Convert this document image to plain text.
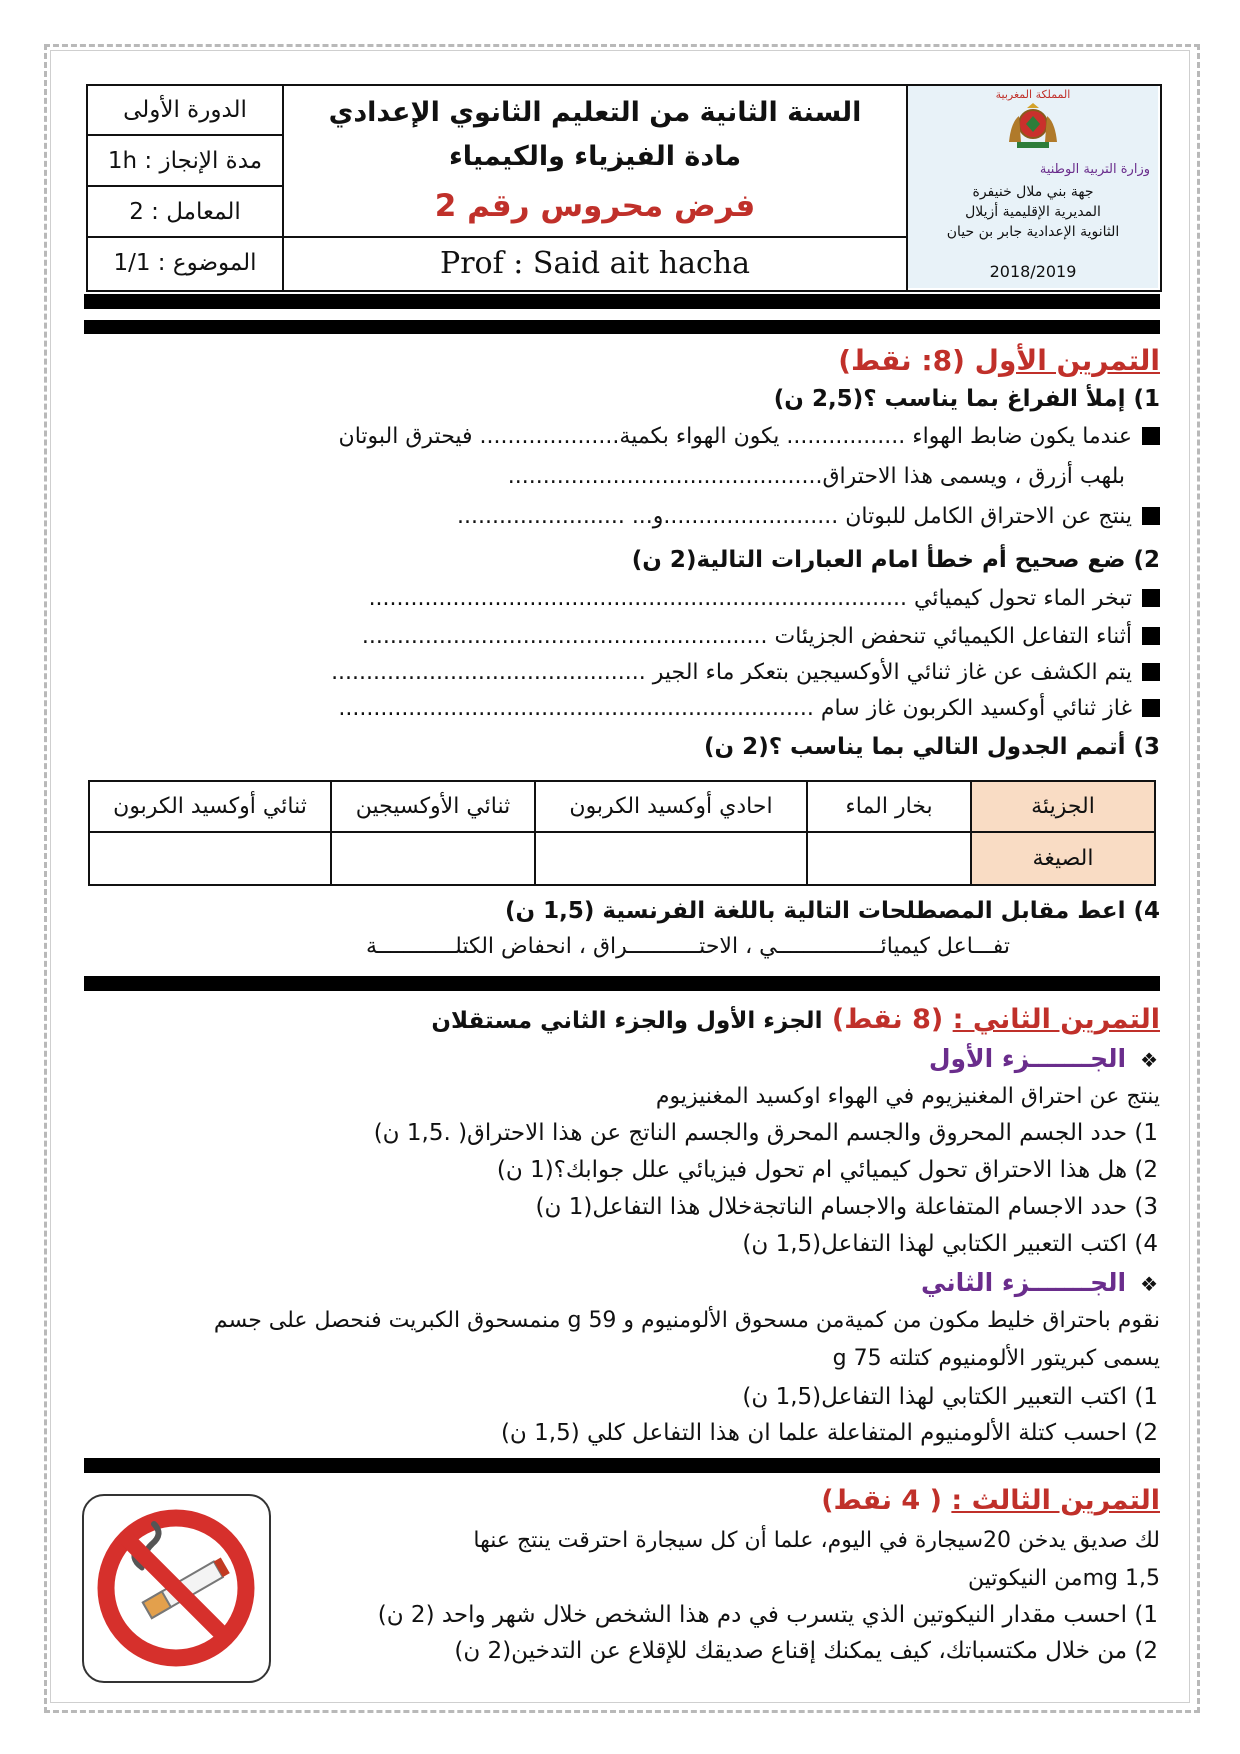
الدورة الأولى
مدة الإنجاز : 1h
المعامل : 2
الموضوع : 1/1
السنة الثانية من التعليم الثانوي الإعدادي
مادة الفيزياء والكيمياء
فرض محروس رقم 2
Prof : Said ait hacha
المملكة المغربية
وزارة التربية الوطنية
جهة بني ملال خنيفرة
المديرية الإقليمية أزيلال
الثانوية الإعدادية جابر بن حيان
2018/2019
التمرين الأول (8: نقط)
1) إملأ الفراغ بما يناسب ؟(2,5 ن)
عندما يكون ضابط الهواء ................. يكون الهواء بكمية.................... فيحترق البوتان
بلهب أزرق ، ويسمى هذا الاحتراق.............................................
ينتج عن الاحتراق الكامل للبوتان .........................و... ........................
2) ضع صحيح أم خطأ امام العبارات التالية(2 ن)
تبخر الماء تحول كيميائي .............................................................................
أثناء التفاعل الكيميائي تنحفض الجزيئات ..........................................................
يتم الكشف عن غاز ثنائي الأوكسيجين بتعكر ماء الجير .............................................
غاز ثنائي أوكسيد الكربون غاز سام ....................................................................
3) أتمم الجدول التالي بما يناسب ؟(2 ن)
الجزيئة
بخار الماء
احادي أوكسيد الكربون
ثنائي الأوكسيجين
ثنائي أوكسيد الكربون
الصيغة
4) اعط مقابل المصطلحات التالية باللغة الفرنسية (1,5 ن)
تفـــاعل كيميائــــــــــــــــي ، الاحتـــــــــــراق ، انحفاض الكتلــــــــــــة
التمرين الثاني : (8 نقط) الجزء الأول والجزء الثاني مستقلان
❖الجـــــــزء الأول
ينتج عن احتراق المغنيزيوم في الهواء اوكسيد المغنيزيوم
1) حدد الجسم المحروق والجسم المحرق والجسم الناتج عن هذا الاحتراق( .1,5 ن)
2) هل هذا الاحتراق تحول كيميائي ام تحول فيزيائي علل جوابك؟(1 ن)
3) حدد الاجسام المتفاعلة والاجسام الناتجةخلال هذا التفاعل(1 ن)
4) اكتب التعبير الكتابي لهذا التفاعل(1,5 ن)
❖الجـــــــزء الثاني
نقوم باحتراق خليط مكون من كميةمن مسحوق الألومنيوم و 59 g منمسحوق الكبريت فنحصل على جسم
يسمى كبريتور الألومنيوم كتلته 75 g
1) اكتب التعبير الكتابي لهذا التفاعل(1,5 ن)
2) احسب كتلة الألومنيوم المتفاعلة علما ان هذا التفاعل كلي (1,5 ن)
التمرين الثالث : ( 4 نقط)
لك صديق يدخن 20سيجارة في اليوم، علما أن كل سيجارة احترقت ينتج عنها
1,5 mgمن النيكوتين
1) احسب مقدار النيكوتين الذي يتسرب في دم هذا الشخص خلال شهر واحد (2 ن)
2) من خلال مكتسباتك، كيف يمكنك إقناع صديقك للإقلاع عن التدخين(2 ن)
